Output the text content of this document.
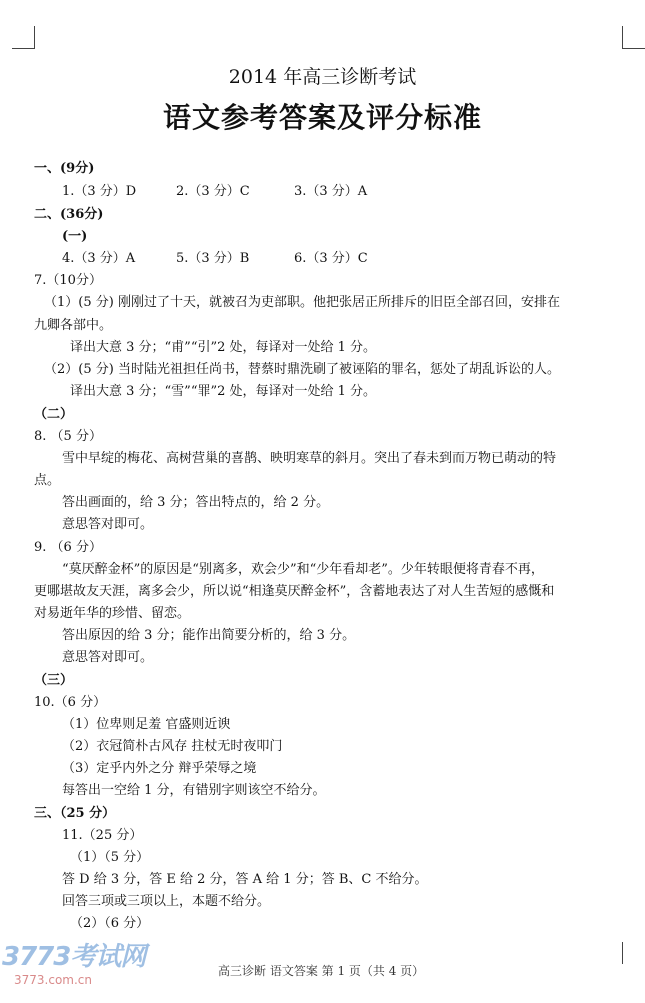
2014 年高三诊断考试
语文参考答案及评分标准
一、(9分)
1.（3 分）D	2.（3 分）C	3.（3 分）A
二、(36分)
(一)
4.（3 分）A	5.（3 分）B	6.（3 分）C
7.（10分）
（1）(5 分) 刚刚过了十天，就被召为吏部职。他把张居正所排斥的旧臣全部召回，安排在
九卿各部中。
译出大意 3 分；“甫”“引”2 处，每译对一处给 1 分。
（2）(5 分) 当时陆光祖担任尚书，替蔡时鼎洗刷了被诬陷的罪名，惩处了胡乱诉讼的人。
译出大意 3 分；“雪”“罪”2 处，每译对一处给 1 分。
（二）
8. （5 分）
雪中早绽的梅花、高树营巢的喜鹊、映明寒草的斜月。突出了春未到而万物已萌动的特
点。
答出画面的，给 3 分；答出特点的，给 2 分。
意思答对即可。
9. （6 分）
“莫厌醉金杯”的原因是“别离多，欢会少”和“少年看却老”。少年转眼便将青春不再，
更哪堪故友天涯，离多会少，所以说“相逢莫厌醉金杯”，含蓄地表达了对人生苦短的感慨和
对易逝年华的珍惜、留恋。
答出原因的给 3 分；能作出简要分析的，给 3 分。
意思答对即可。
（三）
10.（6 分）
（1）位卑则足羞 官盛则近谀
（2）衣冠简朴古风存 拄杖无时夜叩门
（3）定乎内外之分 辩乎荣辱之境
每答出一空给 1 分，有错别字则该空不给分。
三、（25 分）
11.（25 分）
（1）（5 分）
答 D 给 3 分，答 E 给 2 分，答 A 给 1 分；答 B、C 不给分。
回答三项或三项以上，本题不给分。
（2）（6 分）
3773考试网
3773.com.cn
高三诊断 语文答案 第 1 页（共 4 页）
